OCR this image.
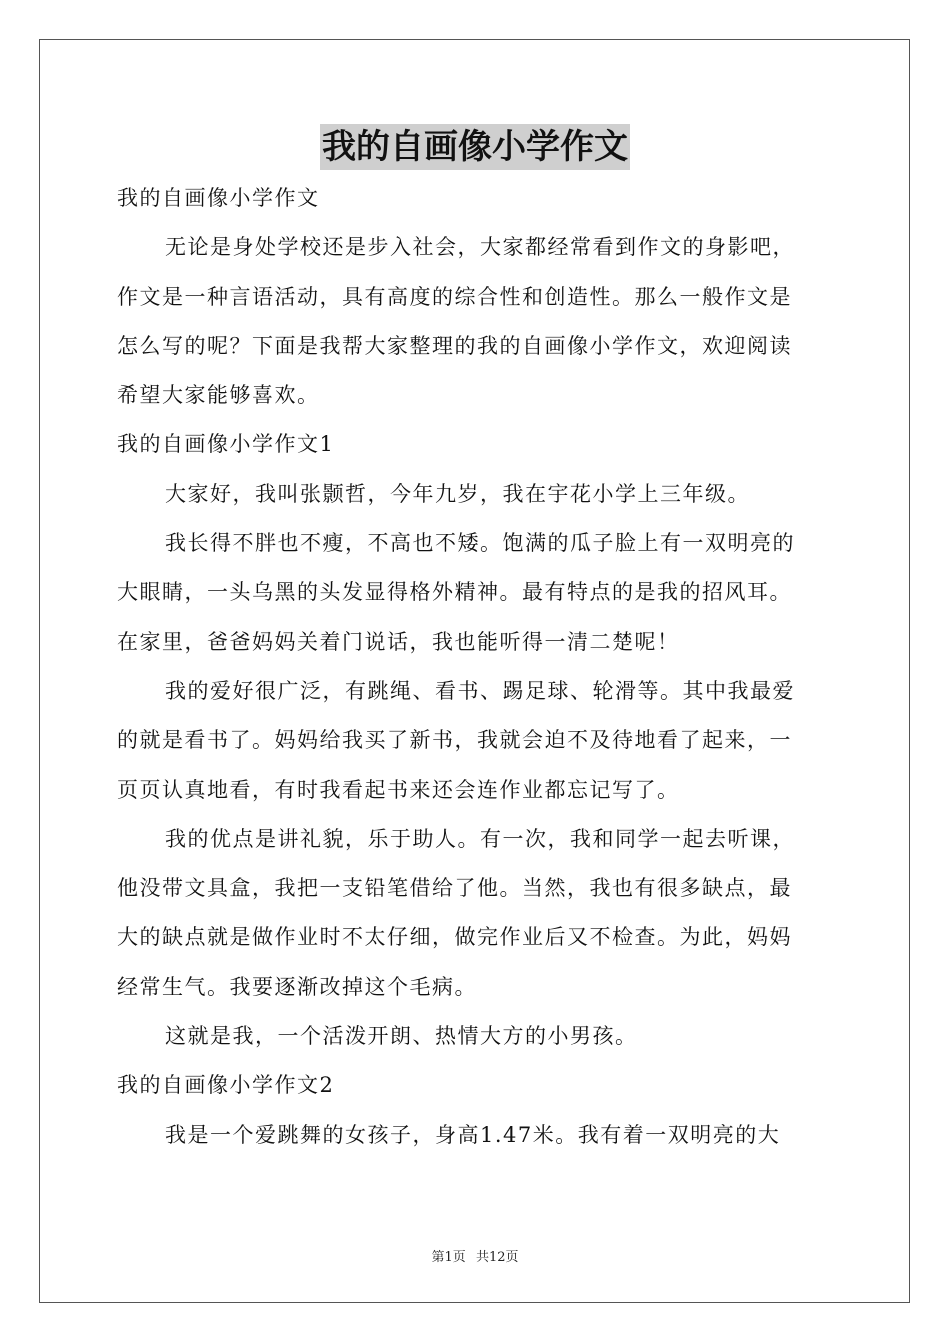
我的自画像小学作文
我的自画像小学作文
无论是身处学校还是步入社会，大家都经常看到作文的身影吧，
作文是一种言语活动，具有高度的综合性和创造性。那么一般作文是
怎么写的呢？下面是我帮大家整理的我的自画像小学作文，欢迎阅读
希望大家能够喜欢。
我的自画像小学作文1
大家好，我叫张颢哲，今年九岁，我在宇花小学上三年级。
我长得不胖也不瘦，不高也不矮。饱满的瓜子脸上有一双明亮的
大眼睛，一头乌黑的头发显得格外精神。最有特点的是我的招风耳。
在家里，爸爸妈妈关着门说话，我也能听得一清二楚呢！
我的爱好很广泛，有跳绳、看书、踢足球、轮滑等。其中我最爱
的就是看书了。妈妈给我买了新书，我就会迫不及待地看了起来，一
页页认真地看，有时我看起书来还会连作业都忘记写了。
我的优点是讲礼貌，乐于助人。有一次，我和同学一起去听课，
他没带文具盒，我把一支铅笔借给了他。当然，我也有很多缺点，最
大的缺点就是做作业时不太仔细，做完作业后又不检查。为此，妈妈
经常生气。我要逐渐改掉这个毛病。
这就是我，一个活泼开朗、热情大方的小男孩。
我的自画像小学作文2
我是一个爱跳舞的女孩子，身高1.47米。我有着一双明亮的大
第1页 共12页
